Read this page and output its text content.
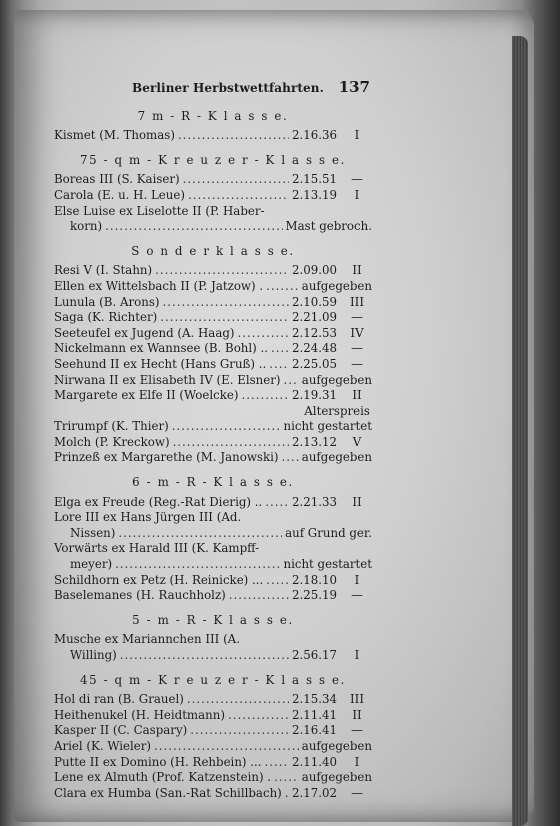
Berliner Herbstwettfahrten. 137
7 m - R - K l a s s e.
Kismet (M. Thomas) .....	2.16.36	I
75 - q m - K r e u z e r - K l a s s e.
Boreas III (S. Kaiser) .....	2.15.51	—
Carola (E. u. H. Leue) .....	2.13.19	I
Else Luise ex Liselotte II (P. Haber-
korn) .....	Mast gebroch.
S o n d e r k l a s s e.
Resi V (I. Stahn) .....	2.09.00	II
Ellen ex Wittelsbach II (P. Jatzow) . .....	aufgegeben
Lunula (B. Arons) .....	2.10.59	III
Saga (K. Richter) .....	2.21.09	—
Seeteufel ex Jugend (A. Haag) .....	2.12.53	IV
Nickelmann ex Wannsee (B. Bohl) .. ..... 2.24.48	—
Seehund II ex Hecht (Hans Gruß) .. ..... 2.25.05	—
Nirwana II ex Elisabeth IV (E. Elsner) ..... aufgegeben
Margarete ex Elfe II (Woelcke) .....	2.19.31	II
Alterspreis
Trirumpf (K. Thier) .....	nicht gestartet
Molch (P. Kreckow) .....	2.13.12	V
Prinzeß ex Margarethe (M. Janowski) ..... aufgegeben
6 - m - R - K l a s s e.
Elga ex Freude (Reg.-Rat Dierig) .. .....	2.21.33	II
Lore III ex Hans Jürgen III (Ad.
Nissen) .....	auf Grund ger.
Vorwärts ex Harald III (K. Kampff-
meyer) .....	nicht gestartet
Schildhorn ex Petz (H. Reinicke) ... ..... 2.18.10	I
Baselemanes (H. Rauchholz) .....	2.25.19	—
5 - m - R - K l a s s e.
Musche ex Mariannchen III (A.
Willing) .....	2.56.17	I
45 - q m - K r e u z e r - K l a s s e.
Hol di ran (B. Grauel) .....	2.15.34	III
Heithenukel (H. Heidtmann) .....	2.11.41	II
Kasper II (C. Caspary) .....	2.16.41	—
Ariel (K. Wieler) .....	aufgegeben
Putte II ex Domino (H. Rehbein) ... .....	2.11.40	I
Lene ex Almuth (Prof. Katzenstein) . .....	aufgegeben
Clara ex Humba (San.-Rat Schillbach) ..... 2.17.02	—
